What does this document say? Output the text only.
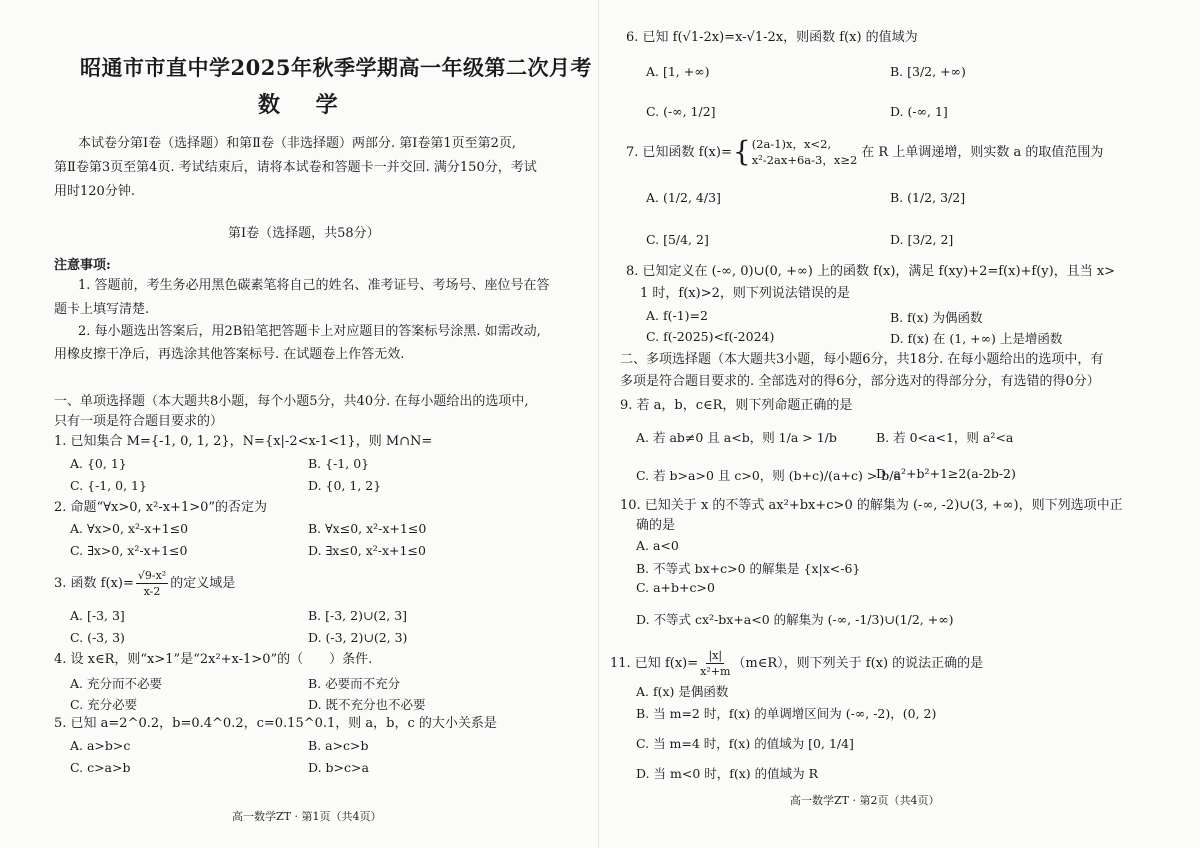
昭通市市直中学2025年秋季学期高一年级第二次月考
数 学
本试卷分第Ⅰ卷（选择题）和第Ⅱ卷（非选择题）两部分. 第Ⅰ卷第1页至第2页,
第Ⅱ卷第3页至第4页. 考试结束后，请将本试卷和答题卡一并交回. 满分150分，考试
用时120分钟.
第Ⅰ卷（选择题，共58分）
注意事项:
1. 答题前，考生务必用黑色碳素笔将自己的姓名、准考证号、考场号、座位号在答
题卡上填写清楚.
2. 每小题选出答案后，用2B铅笔把答题卡上对应题目的答案标号涂黑. 如需改动,
用橡皮擦干净后，再选涂其他答案标号. 在试题卷上作答无效.
一、单项选择题（本大题共8小题，每个小题5分，共40分. 在每小题给出的选项中,
只有一项是符合题目要求的）
1. 已知集合 M={-1, 0, 1, 2}，N={x|-2<x-1<1}，则 M∩N=
A. {0, 1}	B. {-1, 0}
C. {-1, 0, 1}	D. {0, 1, 2}
2. 命题“∀x>0, x²-x+1>0”的否定为
A. ∀x>0, x²-x+1≤0	B. ∀x≤0, x²-x+1≤0
C. ∃x>0, x²-x+1≤0	D. ∃x≤0, x²-x+1≤0
3. 函数 $f(x)= \frac{\text{√9-x²}}{x-2}$ 的定义域是
A. [-3, 3]	B. [-3, 2)∪(2, 3]
C. (-3, 3)	D. (-3, 2)∪(2, 3)
4. 设 x∈R，则“x>1”是“2x²+x-1>0”的（　　）条件.
A. 充分而不必要	B. 必要而不充分
C. 充分必要	D. 既不充分也不必要
5. 已知 a=2^0.2，b=0.4^0.2，c=0.15^0.1，则 a，b，c 的大小关系是
A. a>b>c	B. a>c>b
C. c>a>b	D. b>c>a
高一数学ZT · 第1页（共4页）
6. 已知 f(√1-2x)=x-√1-2x，则函数 f(x) 的值域为
A. [1, +∞)	B. [3/2, +∞)
C. (-∞, 1/2]	D. (-∞, 1]
7. 已知函数 f(x)= { (2a-1)x，x<2,
x²-2ax+6a-3，x≥2
在 R 上单调递增，则实数 a 的取值范围为
A. (1/2, 4/3]	B. (1/2, 3/2]
C. [5/4, 2]	D. [3/2, 2]
8. 已知定义在 (-∞, 0)∪(0, +∞) 上的函数 f(x)，满足 f(xy)+2=f(x)+f(y)，且当 x>
1 时，f(x)>2，则下列说法错误的是
A. f(-1)=2	B. f(x) 为偶函数
C. f(-2025)<f(-2024)	D. f(x) 在 (1, +∞) 上是增函数
二、多项选择题（本大题共3小题，每小题6分，共18分. 在每小题给出的选项中，有
多项是符合题目要求的. 全部选对的得6分，部分选对的得部分分，有选错的得0分）
9. 若 a，b，c∈R，则下列命题正确的是
A. 若 ab≠0 且 a<b，则 1/a > 1/b	B. 若 0<a<1，则 a²<a
C. 若 b>a>0 且 c>0，则 (b+c)/(a+c) > b/a
D. a²+b²+1≥2(a-2b-2)
10. 已知关于 x 的不等式 ax²+bx+c>0 的解集为 (-∞, -2)∪(3, +∞)，则下列选项中正
确的是
A. a<0
B. 不等式 bx+c>0 的解集是 {x|x<-6}
C. a+b+c>0
D. 不等式 cx²-bx+a<0 的解集为 (-∞, -1/3)∪(1/2, +∞)
11. 已知 $f(x)= \frac{|x|}{\text{x²+m}}$ （m∈R），则下列关于 f(x) 的说法正确的是
A. f(x) 是偶函数
B. 当 m=2 时，f(x) 的单调增区间为 (-∞, -2)，(0, 2)
C. 当 m=4 时，f(x) 的值域为 [0, 1/4]
D. 当 m<0 时，f(x) 的值域为 R
高一数学ZT · 第2页（共4页）
